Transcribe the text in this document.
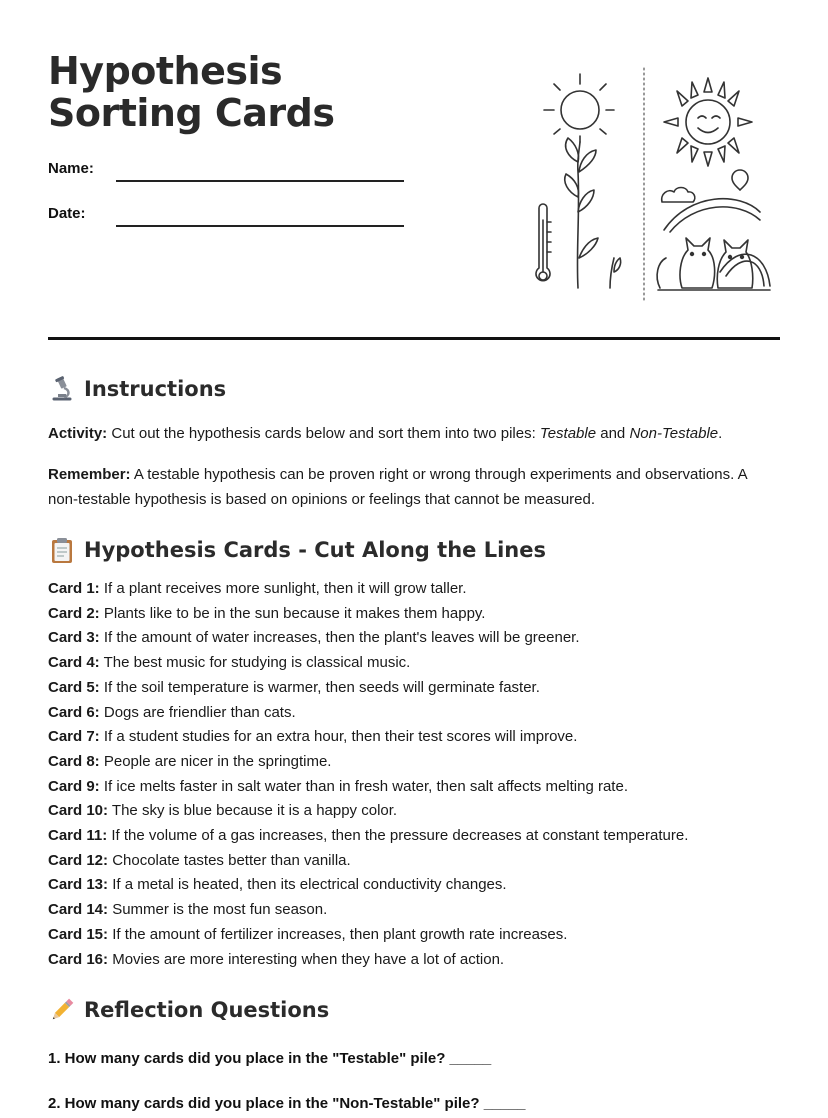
Hypothesis Sorting Cards
Name:
Date:
Instructions

Activity: Cut out the hypothesis cards below and sort them into two piles: Testable and Non-Testable.

Remember: A testable hypothesis can be proven right or wrong through experiments and observations. A non-testable hypothesis is based on opinions or feelings that cannot be measured.

Hypothesis Cards - Cut Along the Lines
Card 1: If a plant receives more sunlight, then it will grow taller.
Card 2: Plants like to be in the sun because it makes them happy.
Card 3: If the amount of water increases, then the plant's leaves will be greener.
Card 4: The best music for studying is classical music.
Card 5: If the soil temperature is warmer, then seeds will germinate faster.
Card 6: Dogs are friendlier than cats.
Card 7: If a student studies for an extra hour, then their test scores will improve.
Card 8: People are nicer in the springtime.
Card 9: If ice melts faster in salt water than in fresh water, then salt affects melting rate.
Card 10: The sky is blue because it is a happy color.
Card 11: If the volume of a gas increases, then the pressure decreases at constant temperature.
Card 12: Chocolate tastes better than vanilla.
Card 13: If a metal is heated, then its electrical conductivity changes.
Card 14: Summer is the most fun season.
Card 15: If the amount of fertilizer increases, then plant growth rate increases.
Card 16: Movies are more interesting when they have a lot of action.
Reflection Questions

1. How many cards did you place in the "Testable" pile? _____

2. How many cards did you place in the "Non-Testable" pile? _____
